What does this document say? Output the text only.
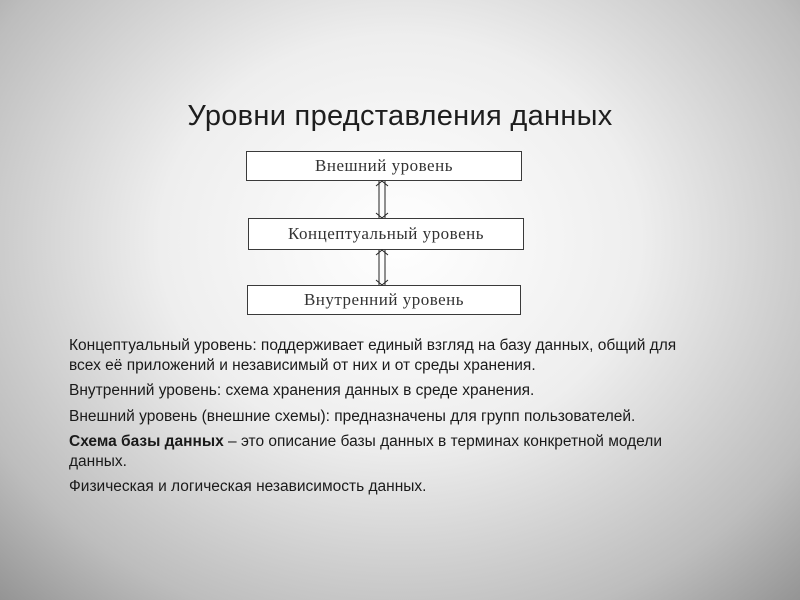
Уровни представления данных
Внешний уровень
Концептуальный уровень
Внутренний уровень

Концептуальный уровень: поддерживает единый взгляд на базу данных, общий для всех её приложений и независимый от них и от среды хранения.

Внутренний уровень: схема хранения данных в среде хранения.

Внешний уровень (внешние схемы): предназначены для групп пользователей.

Схема базы данных – это описание базы данных в терминах конкретной модели данных.

Физическая и логическая независимость данных.
